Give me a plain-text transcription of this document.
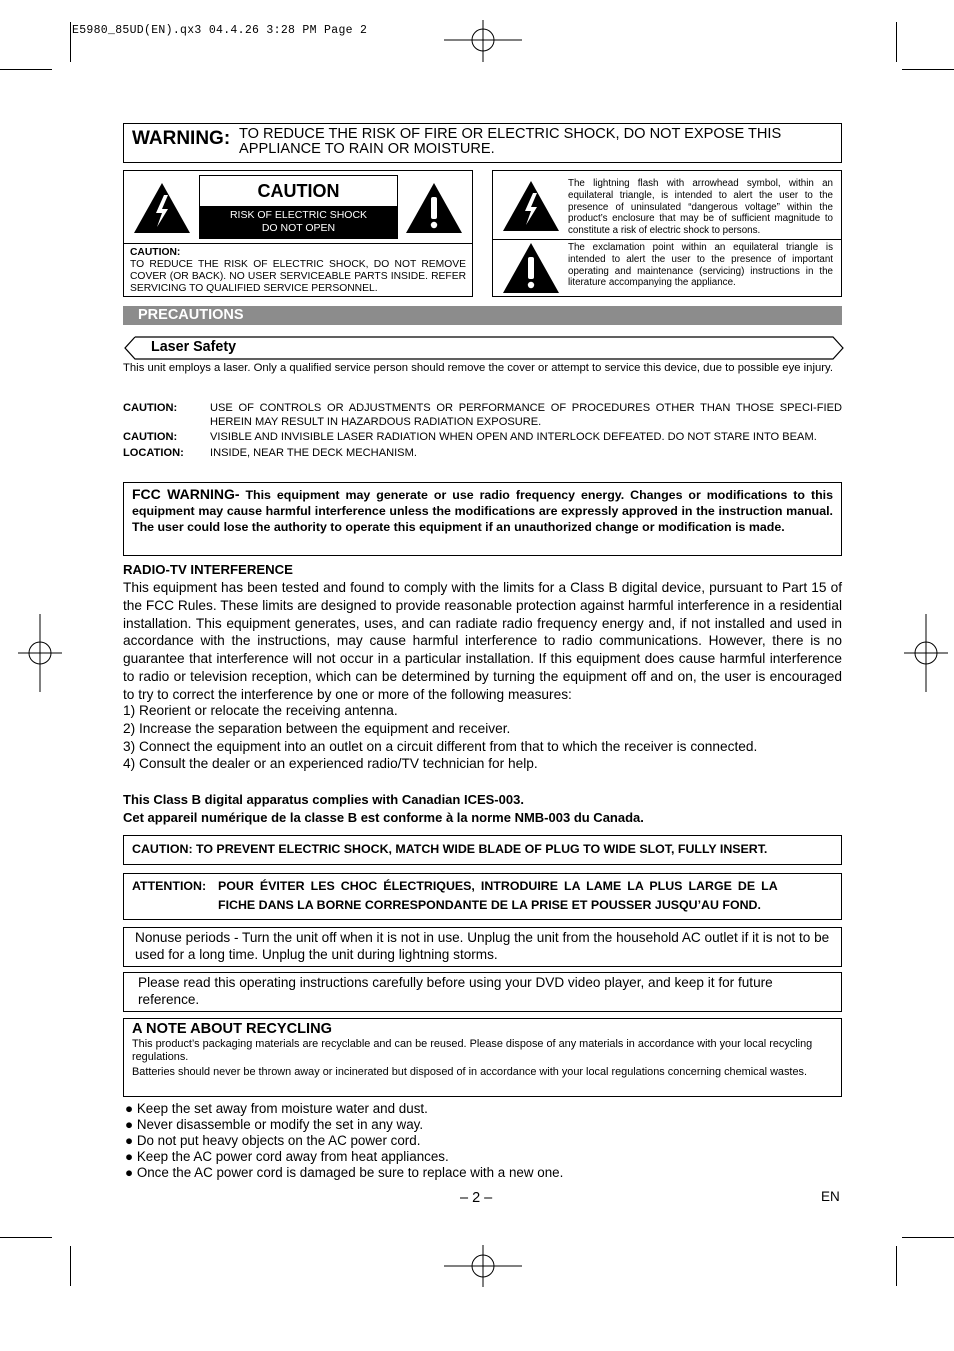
E5980_85UD(EN).qx3 04.4.26 3:28 PM Page 2
WARNING: TO REDUCE THE RISK OF FIRE OR ELECTRIC SHOCK, DO NOT EXPOSE THIS
APPLIANCE TO RAIN OR MOISTURE.
CAUTION
RISK OF ELECTRIC SHOCK
DO NOT OPEN
CAUTION:
TO REDUCE THE RISK OF ELECTRIC SHOCK, DO NOT REMOVE COVER (OR BACK). NO USER SERVICEABLE PARTS INSIDE. REFER SERVICING TO QUALIFIED SERVICE PERSONNEL.
The lightning flash with arrowhead symbol, within an equilateral triangle, is intended to alert the user to the presence of uninsulated “dangerous voltage” within the product’s enclosure that may be of sufficient magnitude to constitute a risk of electric shock to persons.
The exclamation point within an equilateral triangle is intended to alert the user to the presence of important operating and maintenance (servicing) instructions in the literature accompanying the appliance.
PRECAUTIONS
Laser Safety
This unit employs a laser. Only a qualified service person should remove the cover or attempt to service this device, due to possible eye injury.
CAUTION:	USE OF CONTROLS OR ADJUSTMENTS OR PERFORMANCE OF PROCEDURES OTHER THAN THOSE SPECI-FIED HEREIN MAY RESULT IN HAZARDOUS RADIATION EXPOSURE.
CAUTION:	VISIBLE AND INVISIBLE LASER RADIATION WHEN OPEN AND INTERLOCK DEFEATED. DO NOT STARE INTO BEAM.
LOCATION:	INSIDE, NEAR THE DECK MECHANISM.

FCC WARNING- This equipment may generate or use radio frequency energy. Changes or modifications to this equipment may cause harmful interference unless the modifications are expressly approved in the instruction manual. The user could lose the authority to operate this equipment if an unauthorized change or modification is made.

RADIO-TV INTERFERENCE
This equipment has been tested and found to comply with the limits for a Class B digital device, pursuant to Part 15 of the FCC Rules. These limits are designed to provide reasonable protection against harmful interference in a residential installation. This equipment generates, uses, and can radiate radio frequency energy and, if not installed and used in accordance with the instructions, may cause harmful interference to radio communications. However, there is no guarantee that interference will not occur in a particular installation. If this equipment does cause harmful interference to radio or television reception, which can be determined by turning the equipment off and on, the user is encouraged to try to correct the interference by one or more of the following measures:
1) Reorient or relocate the receiving antenna.
2) Increase the separation between the equipment and receiver.
3) Connect the equipment into an outlet on a circuit different from that to which the receiver is connected.
4) Consult the dealer or an experienced radio/TV technician for help.
This Class B digital apparatus complies with Canadian ICES-003.
Cet appareil numérique de la classe B est conforme à la norme NMB-003 du Canada.
CAUTION: TO PREVENT ELECTRIC SHOCK, MATCH WIDE BLADE OF PLUG TO WIDE SLOT, FULLY INSERT.
ATTENTION: POUR ÉVITER LES CHOC ÉLECTRIQUES, INTRODUIRE LA LAME LA PLUS LARGE DE LA
FICHE DANS LA BORNE CORRESPONDANTE DE LA PRISE ET POUSSER JUSQU’AU FOND.
Nonuse periods - Turn the unit off when it is not in use. Unplug the unit from the household AC outlet if it is not to be used for a long time. Unplug the unit during lightning storms.
Please read this operating instructions carefully before using your DVD video player, and keep it for future reference.
A NOTE ABOUT RECYCLING
This product’s packaging materials are recyclable and can be reused. Please dispose of any materials in accordance with your local recycling regulations.
Batteries should never be thrown away or incinerated but disposed of in accordance with your local regulations concerning chemical wastes.
● Keep the set away from moisture water and dust.
● Never disassemble or modify the set in any way.
● Do not put heavy objects on the AC power cord.
● Keep the AC power cord away from heat appliances.
● Once the AC power cord is damaged be sure to replace with a new one.
– 2 –	EN
